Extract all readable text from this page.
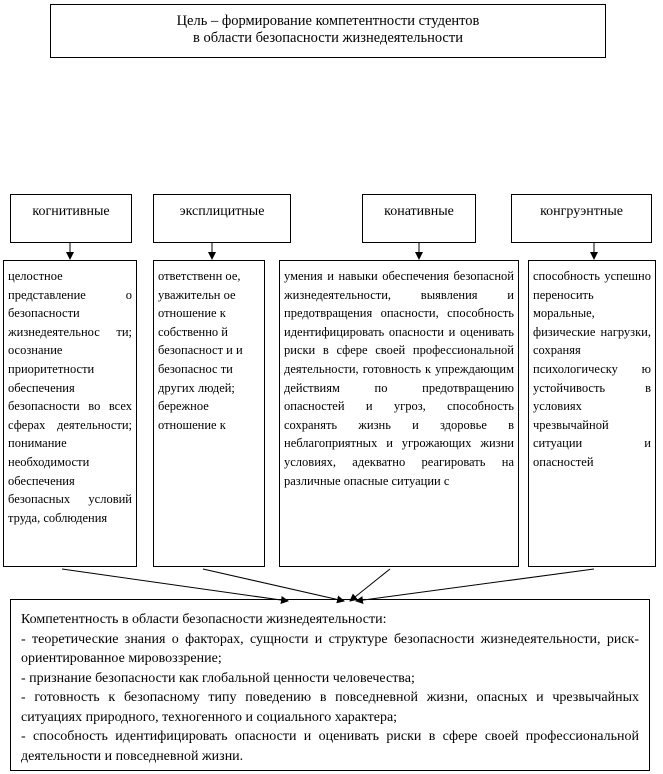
Цель – формирование компетентности студентов
в области безопасности жизнедеятельности
когнитивные	эксплицитные	конативные	конгруэнтные

целостное представление о безопасности жизнедеятельнос ти; осознание приоритетности обеспечения безопасности во всех сферах деятельности; понимание необходимости обеспечения безопасных условий труда, соблюдения

ответственн ое, уважительн ое отношение к собственно й безопасност и и безопаснос ти других людей; бережное отношение к

умения и навыки обеспечения безопасной жизнедеятельности, выявления и предотвращения опасности, способность идентифицировать опасности и оценивать риски в сфере своей профессиональной деятельности, готовность к упреждающим действиям по предотвращению опасностей и угроз, способность сохранять жизнь и здоровье в неблагоприятных и угрожающих жизни условиях, адекватно реагировать на различные опасные ситуации с

способность успешно переносить моральные, физические нагрузки, сохраняя психологическу ю устойчивость в условиях чрезвычайной ситуации и опасностей

Компетентность в области безопасности жизнедеятельности:

- теоретические знания о факторах, сущности и структуре безопасности жизнедеятельности, риск-ориентированное мировоззрение;

- признание безопасности как глобальной ценности человечества;

- готовность к безопасному типу поведению в повседневной жизни, опасных и чрезвычайных ситуациях природного, техногенного и социального характера;

- способность идентифицировать опасности и оценивать риски в сфере своей профессиональной деятельности и повседневной жизни.
